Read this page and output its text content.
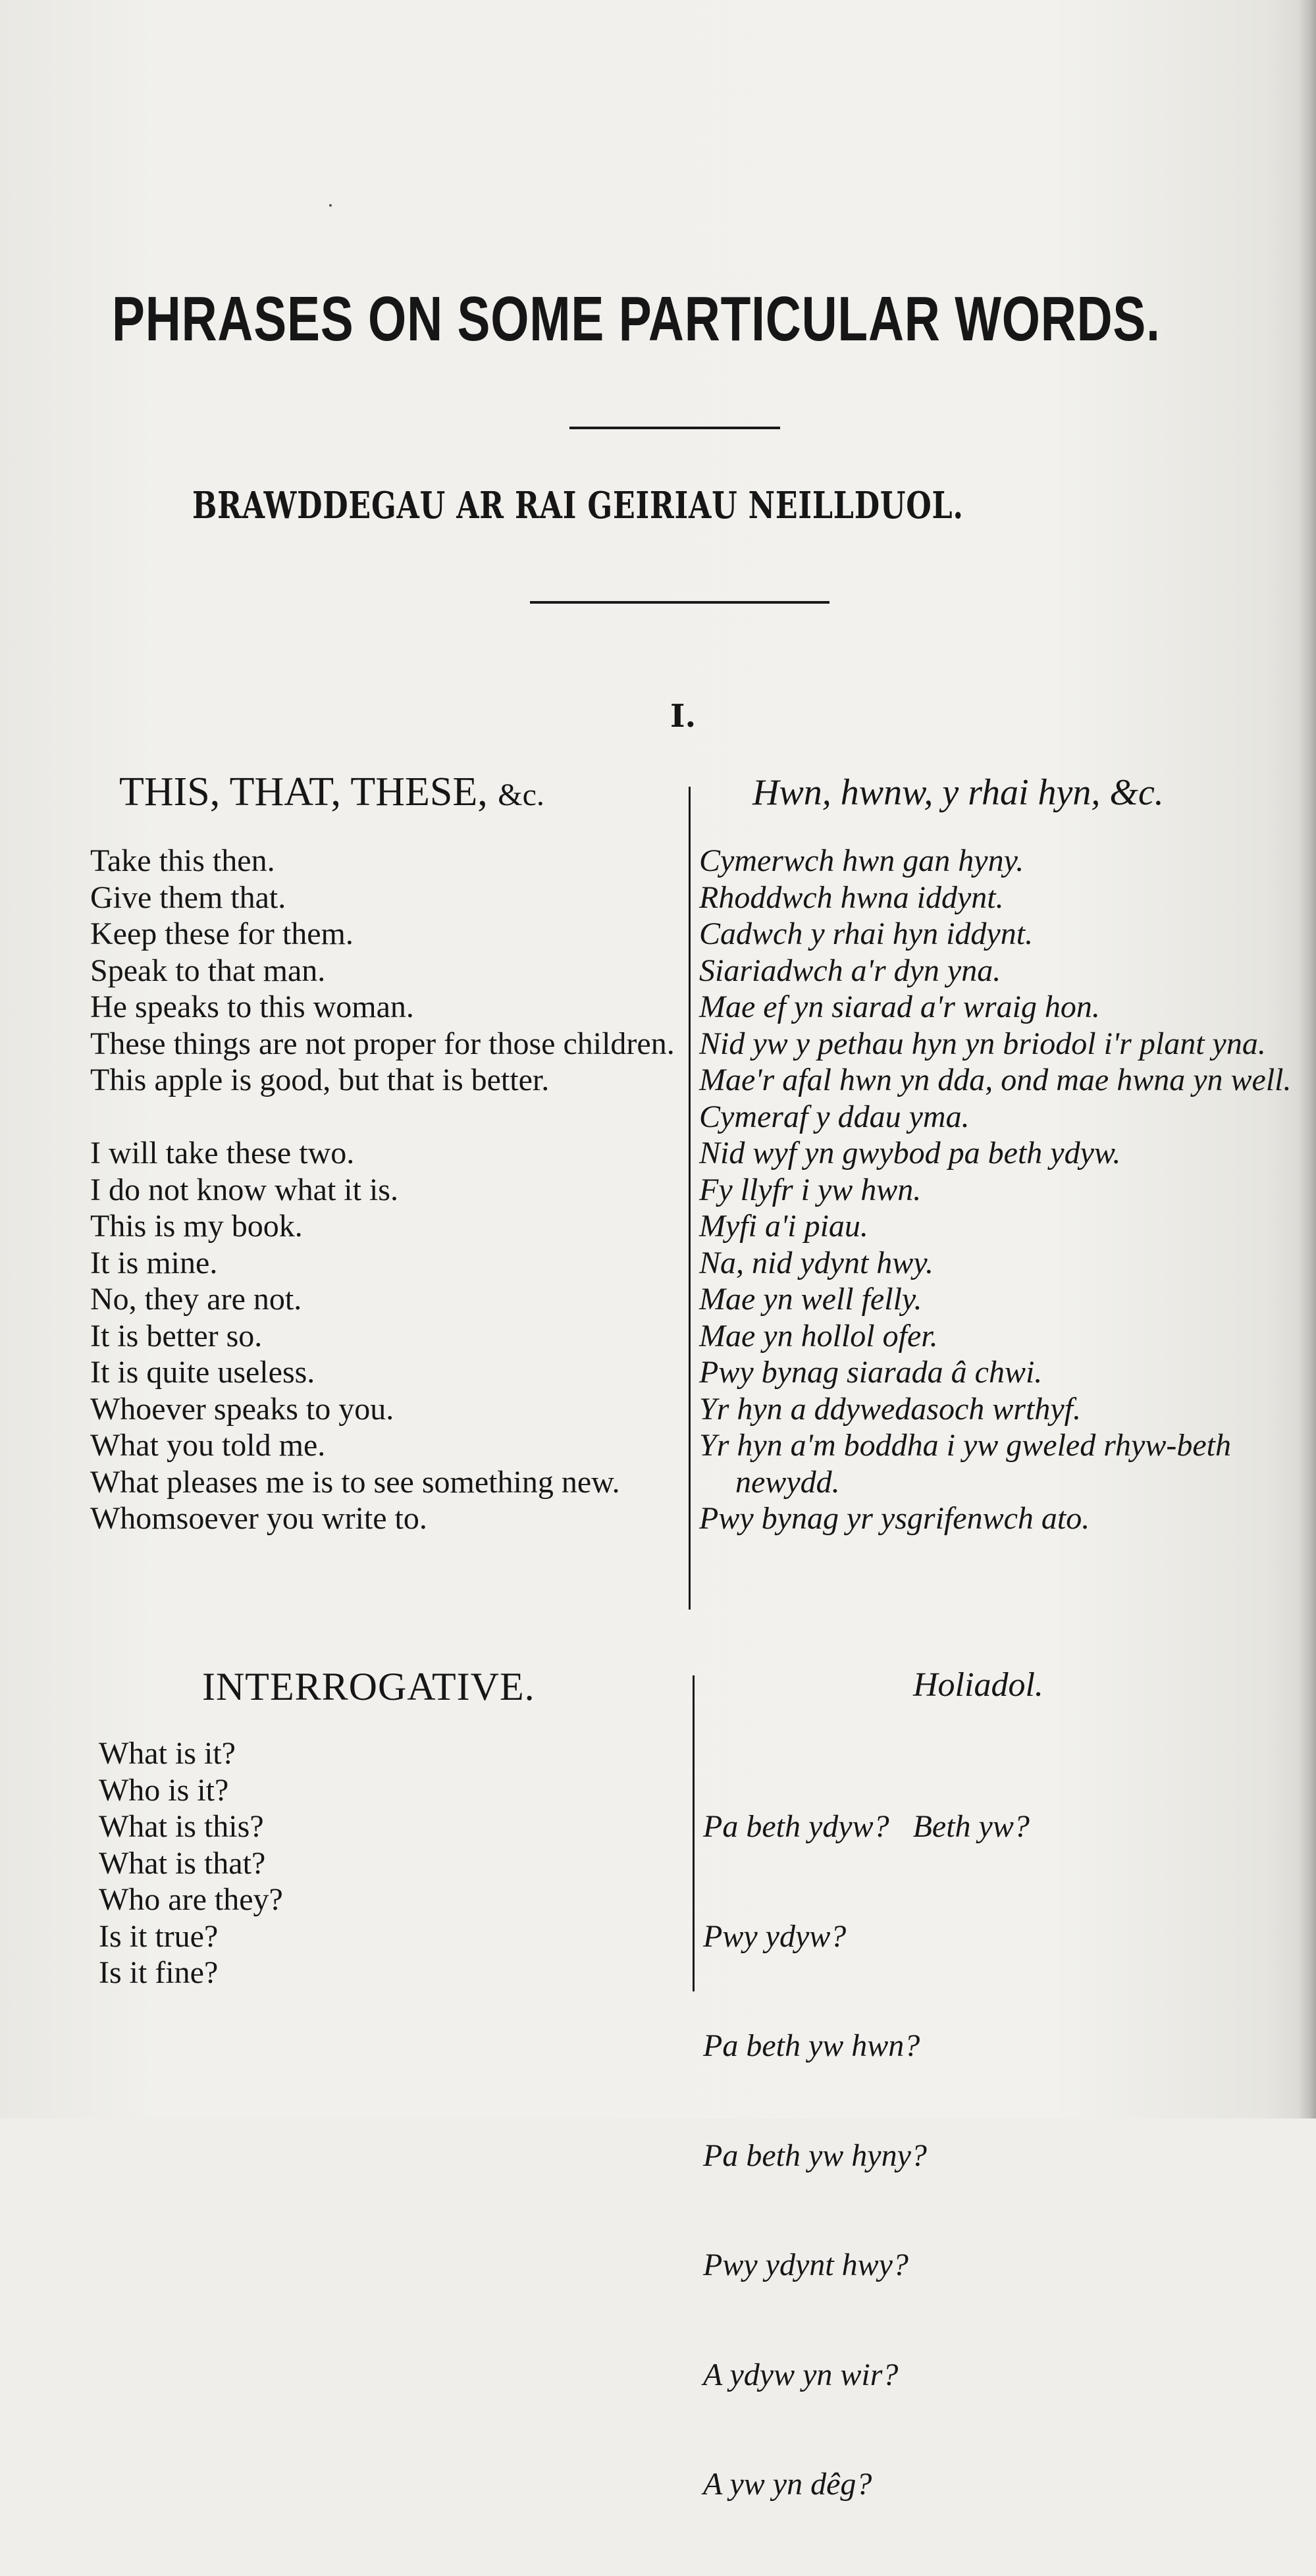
PHRASES ON SOME PARTICULAR WORDS.
BRAWDDEGAU AR RAI GEIRIAU NEILLDUOL.
I.
THIS, THAT, THESE, &c.	Hwn, hwnw, y rhai hyn, &c.
Take this then.
Give them that.
Keep these for them.
Speak to that man.
He speaks to this woman.
These things are not proper for those children.
This apple is good, but that is better.
I will take these two.
I do not know what it is.
This is my book.
It is mine.
No, they are not.
It is better so.
It is quite useless.
Whoever speaks to you.
What you told me.
What pleases me is to see something new.
Whomsoever you write to.
Cymerwch hwn gan hyny.
Rhoddwch hwna iddynt.
Cadwch y rhai hyn iddynt.
Siariadwch a'r dyn yna.
Mae ef yn siarad a'r wraig hon.
Nid yw y pethau hyn yn briodol i'r plant yna.
Mae'r afal hwn yn dda, ond mae hwna yn well.
Cymeraf y ddau yma.
Nid wyf yn gwybod pa beth ydyw.
Fy llyfr i yw hwn.
Myfi a'i piau.
Na, nid ydynt hwy.
Mae yn well felly.
Mae yn hollol ofer.
Pwy bynag siarada â chwi.
Yr hyn a ddywedasoch wrthyf.
Yr hyn a'm boddha i yw gweled rhyw-beth newydd.
Pwy bynag yr ysgrifenwch ato.
INTERROGATIVE.	Holiadol.
What is it?
Who is it?
What is this?
What is that?
Who are they?
Is it true?
Is it fine?

Pa beth ydyw?   Beth yw?

Pwy ydyw?

Pa beth yw hwn?

Pa beth yw hyny?

Pwy ydynt hwy?

A ydyw yn wir?

A yw yn dêg?
